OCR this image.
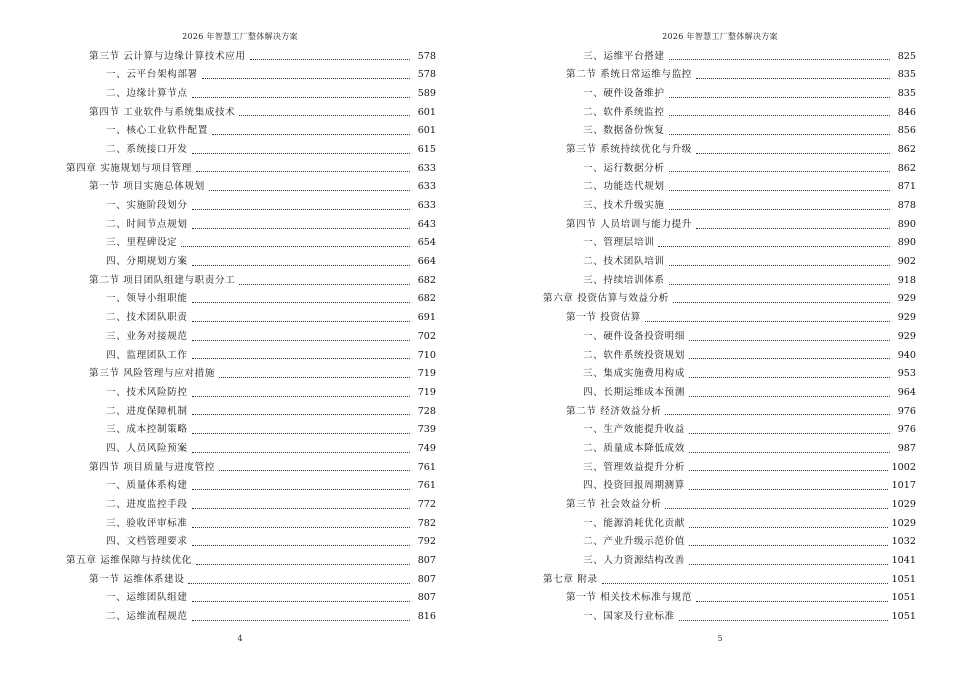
2026 年智慧工厂整体解决方案
第三节 云计算与边缘计算技术应用	578
一、云平台架构部署	578
二、边缘计算节点	589
第四节 工业软件与系统集成技术	601
一、核心工业软件配置	601
二、系统接口开发	615
第四章 实施规划与项目管理	633
第一节 项目实施总体规划	633
一、实施阶段划分	633
二、时间节点规划	643
三、里程碑设定	654
四、分期规划方案	664
第二节 项目团队组建与职责分工	682
一、领导小组职能	682
二、技术团队职责	691
三、业务对接规范	702
四、监理团队工作	710
第三节 风险管理与应对措施	719
一、技术风险防控	719
二、进度保障机制	728
三、成本控制策略	739
四、人员风险预案	749
第四节 项目质量与进度管控	761
一、质量体系构建	761
二、进度监控手段	772
三、验收评审标准	782
四、文档管理要求	792
第五章 运维保障与持续优化	807
第一节 运维体系建设	807
一、运维团队组建	807
二、运维流程规范	816
4
2026 年智慧工厂整体解决方案
三、运维平台搭建	825
第二节 系统日常运维与监控	835
一、硬件设备维护	835
二、软件系统监控	846
三、数据备份恢复	856
第三节 系统持续优化与升级	862
一、运行数据分析	862
二、功能迭代规划	871
三、技术升级实施	878
第四节 人员培训与能力提升	890
一、管理层培训	890
二、技术团队培训	902
三、持续培训体系	918
第六章 投资估算与效益分析	929
第一节 投资估算	929
一、硬件设备投资明细	929
二、软件系统投资规划	940
三、集成实施费用构成	953
四、长期运维成本预测	964
第二节 经济效益分析	976
一、生产效能提升收益	976
二、质量成本降低成效	987
三、管理效益提升分析	1002
四、投资回报周期测算	1017
第三节 社会效益分析	1029
一、能源消耗优化贡献	1029
二、产业升级示范价值	1032
三、人力资源结构改善	1041
第七章 附录	1051
第一节 相关技术标准与规范	1051
一、国家及行业标准	1051
5
